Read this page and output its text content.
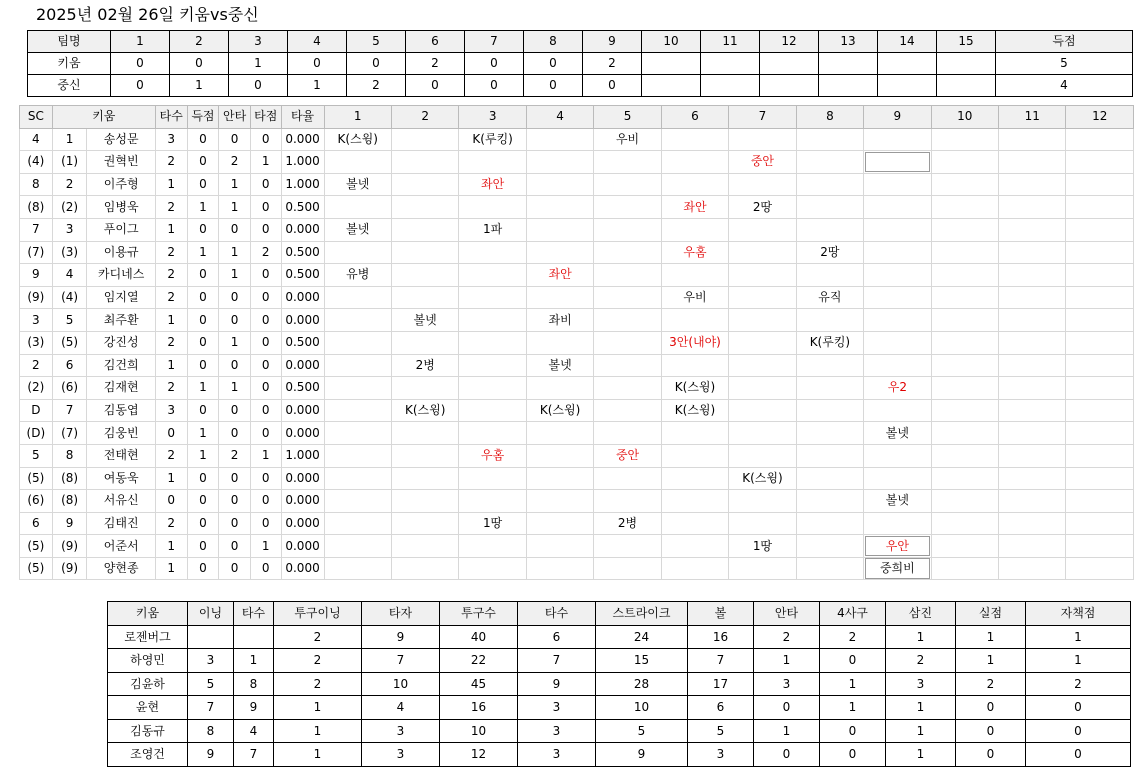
2025년 02월 26일 키움vs중신
팀명	1	2	3	4	5	6	7	8	9	10	11	12	13	14	15	득점
키움	0	0	1	0	0	2	0	0	2							5
중신	0	1	0	1	2	0	0	0	0							4
SC	키움		타수	득점	안타	타점	타율	1	2	3	4	5	6	7	8	9	10	11	12
4	1	송성문	3	0	0	0	0.000	K(스윙)		K(루킹)		우비							
(4)	(1)	권혁빈	2	0	2	1	1.000							중안					
8	2	이주형	1	0	1	0	1.000	볼넷		좌안									
(8)	(2)	임병욱	2	1	1	0	0.500						좌안	2땅					
7	3	푸이그	1	0	0	0	0.000	볼넷		1파									
(7)	(3)	이용규	2	1	1	2	0.500						우홈		2땅				
9	4	카디네스	2	0	1	0	0.500	유병			좌안								
(9)	(4)	임지열	2	0	0	0	0.000						우비		유직				
3	5	최주환	1	0	0	0	0.000		볼넷		좌비								
(3)	(5)	강진성	2	0	1	0	0.500						3안(내야)		K(루킹)				
2	6	김건희	1	0	0	0	0.000		2병		볼넷								
(2)	(6)	김재현	2	1	1	0	0.500						K(스윙)			우2			
D	7	김동엽	3	0	0	0	0.000		K(스윙)		K(스윙)		K(스윙)						
(D)	(7)	김웅빈	0	1	0	0	0.000									볼넷			
5	8	전태현	2	1	2	1	1.000			우홈		중안							
(5)	(8)	여동욱	1	0	0	0	0.000							K(스윙)					
(6)	(8)	서유신	0	0	0	0	0.000									볼넷			
6	9	김태진	2	0	0	0	0.000			1땅		2병							
(5)	(9)	어준서	1	0	0	1	0.000							1땅		우안			
(5)	(9)	양현종	1	0	0	0	0.000									중희비			
키움	이닝	타수	투구이닝	타자	투구수	타수	스트라이크	볼	안타	4사구	삼진	실점	자책점
로젠버그			2	9	40	6	24	16	2	2	1	1	1
하영민	3	1	2	7	22	7	15	7	1	0	2	1	1
김윤하	5	8	2	10	45	9	28	17	3	1	3	2	2
윤현	7	9	1	4	16	3	10	6	0	1	1	0	0
김동규	8	4	1	3	10	3	5	5	1	0	1	0	0
조영건	9	7	1	3	12	3	9	3	0	0	1	0	0
